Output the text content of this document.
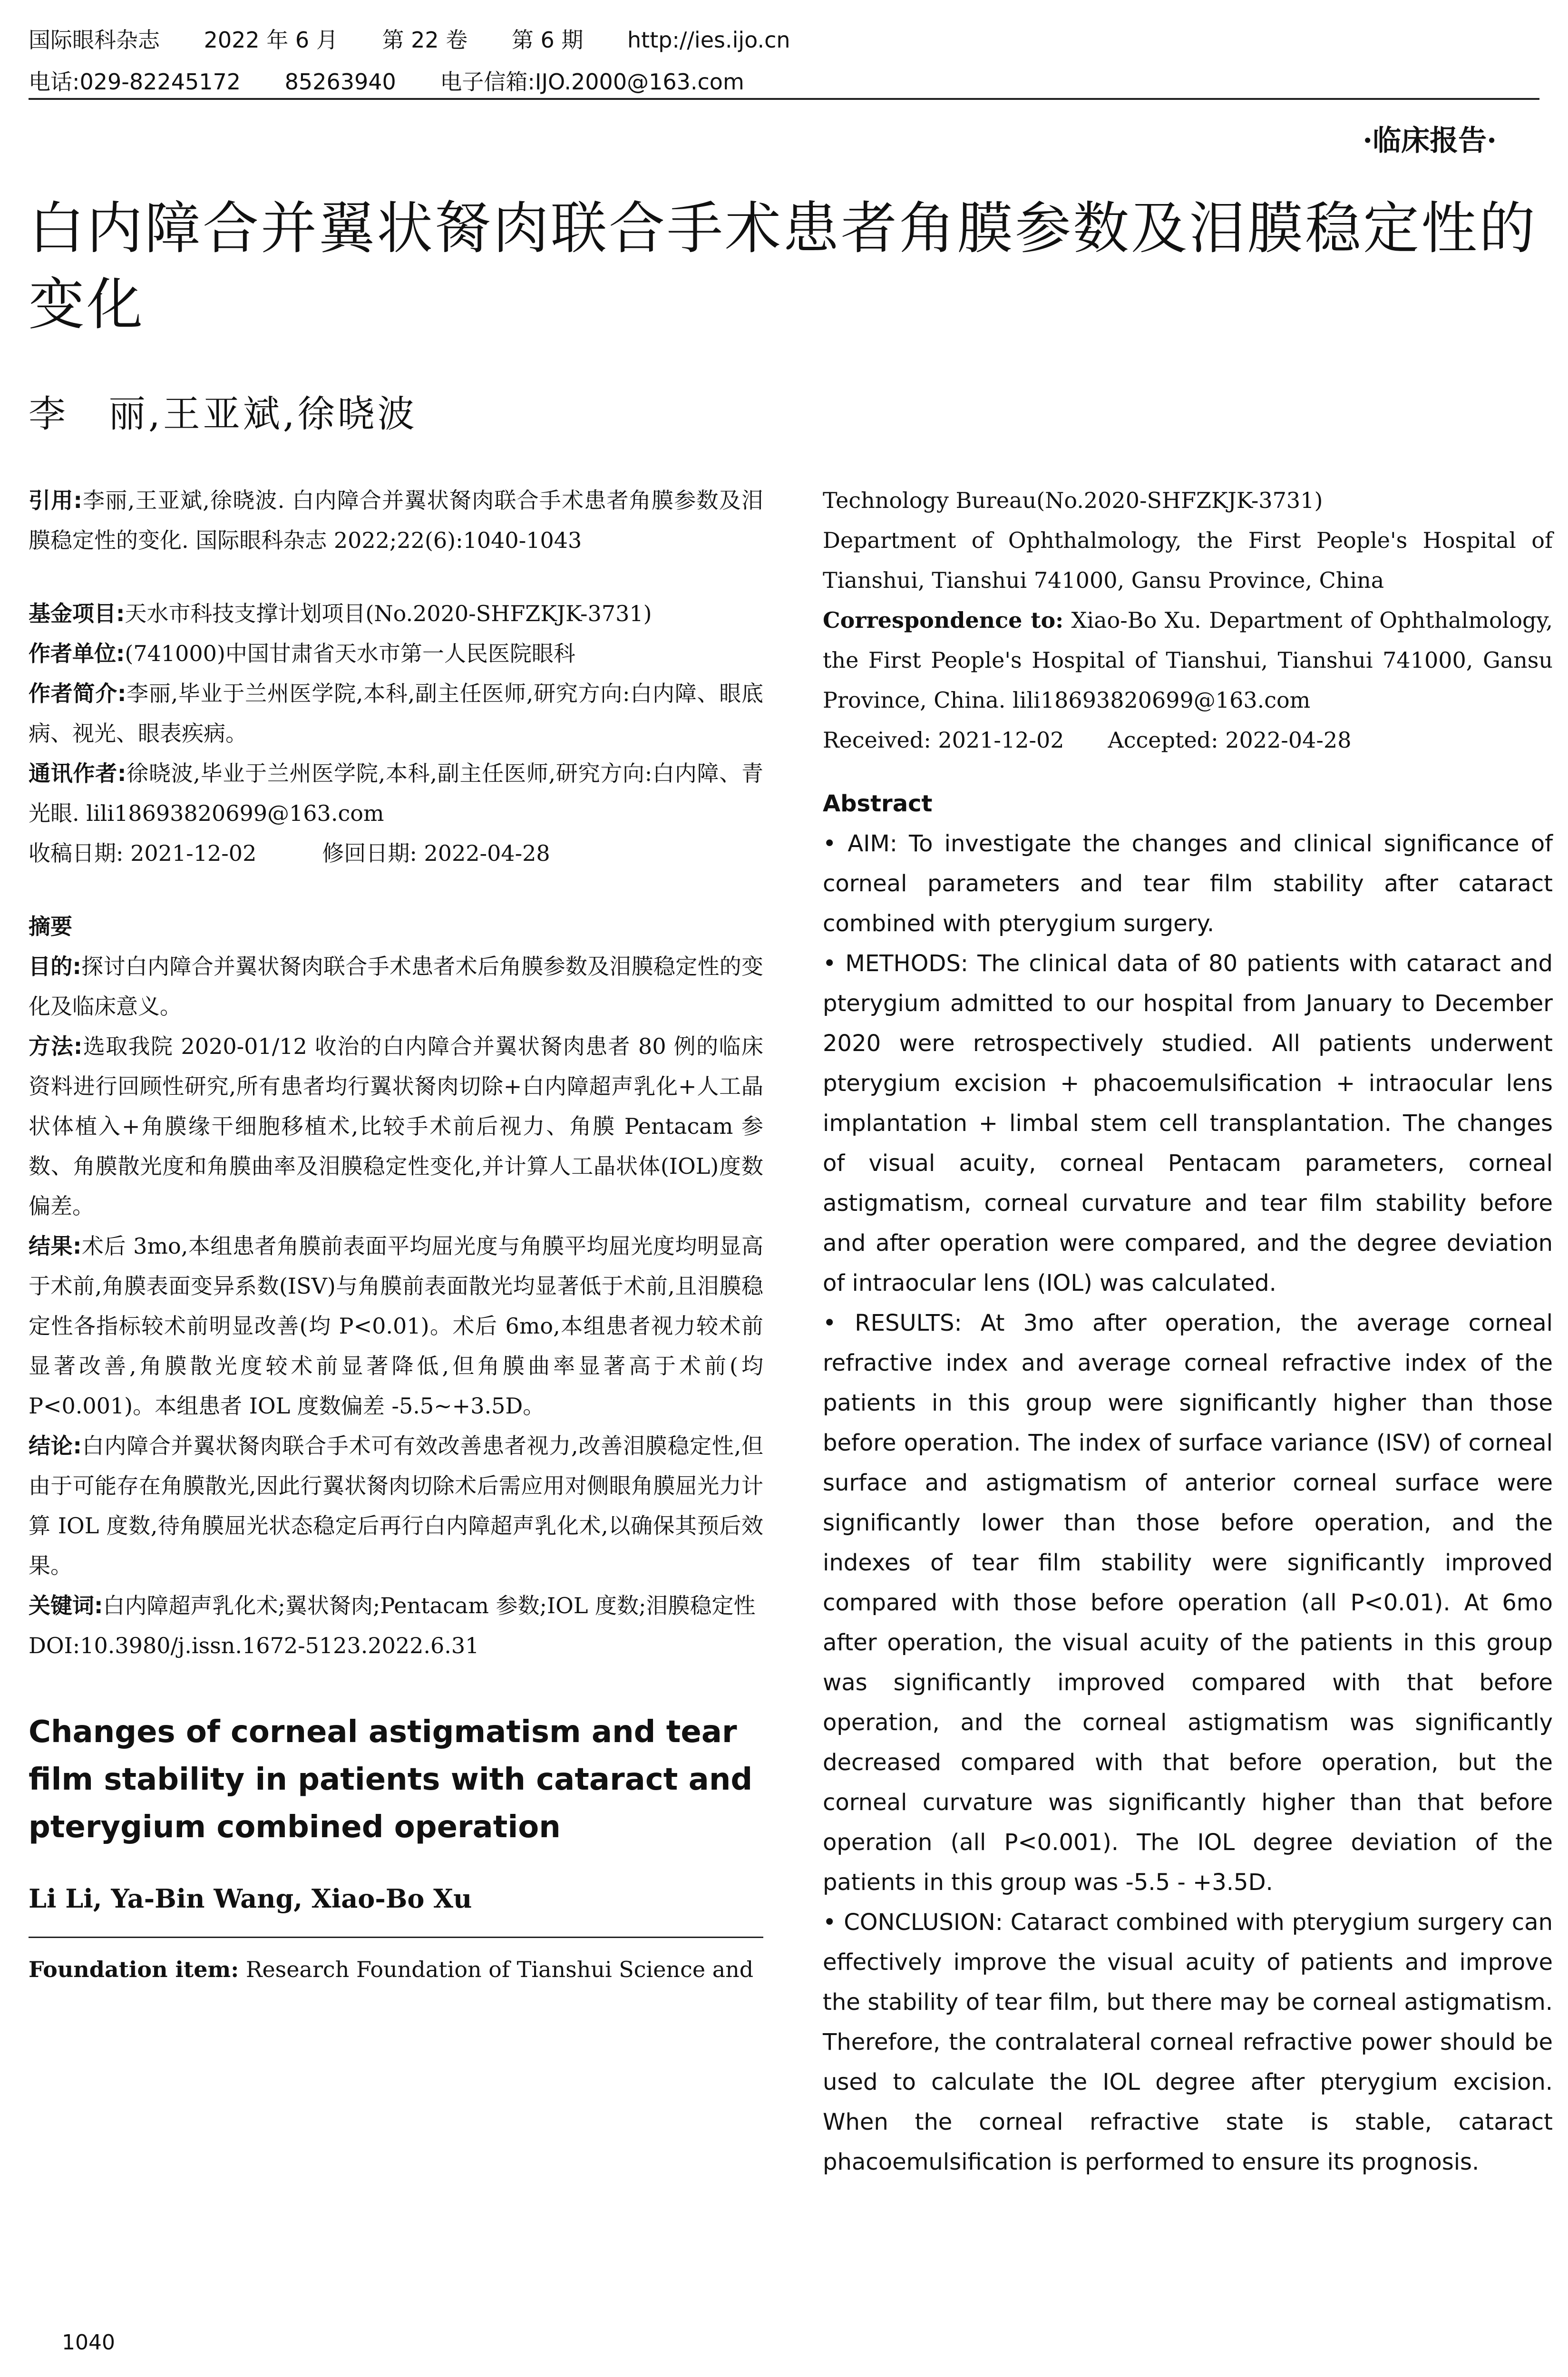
国际眼科杂志 2022 年 6 月 第 22 卷 第 6 期 http://ies.ijo.cn
电话:029-82245172 85263940 电子信箱:IJO.2000@163.com
·临床报告·
白内障合并翼状胬肉联合手术患者角膜参数及泪膜稳定性的变化
李　丽,王亚斌,徐晓波

引用:李丽,王亚斌,徐晓波. 白内障合并翼状胬肉联合手术患者角膜参数及泪膜稳定性的变化. 国际眼科杂志 2022;22(6):1040-1043

基金项目:天水市科技支撑计划项目(No.2020-SHFZKJK-3731)

作者单位:(741000)中国甘肃省天水市第一人民医院眼科

作者简介:李丽,毕业于兰州医学院,本科,副主任医师,研究方向:白内障、眼底病、视光、眼表疾病。

通讯作者:徐晓波,毕业于兰州医学院,本科,副主任医师,研究方向:白内障、青光眼. lili18693820699@163.com

收稿日期: 2021-12-02　　　修回日期: 2022-04-28

摘要

目的:探讨白内障合并翼状胬肉联合手术患者术后角膜参数及泪膜稳定性的变化及临床意义。

方法:选取我院 2020-01/12 收治的白内障合并翼状胬肉患者 80 例的临床资料进行回顾性研究,所有患者均行翼状胬肉切除+白内障超声乳化+人工晶状体植入+角膜缘干细胞移植术,比较手术前后视力、角膜 Pentacam 参数、角膜散光度和角膜曲率及泪膜稳定性变化,并计算人工晶状体(IOL)度数偏差。

结果:术后 3mo,本组患者角膜前表面平均屈光度与角膜平均屈光度均明显高于术前,角膜表面变异系数(ISV)与角膜前表面散光均显著低于术前,且泪膜稳定性各指标较术前明显改善(均 P<0.01)。术后 6mo,本组患者视力较术前显著改善,角膜散光度较术前显著降低,但角膜曲率显著高于术前(均 P<0.001)。本组患者 IOL 度数偏差 -5.5~+3.5D。

结论:白内障合并翼状胬肉联合手术可有效改善患者视力,改善泪膜稳定性,但由于可能存在角膜散光,因此行翼状胬肉切除术后需应用对侧眼角膜屈光力计算 IOL 度数,待角膜屈光状态稳定后再行白内障超声乳化术,以确保其预后效果。

关键词:白内障超声乳化术;翼状胬肉;Pentacam 参数;IOL 度数;泪膜稳定性

DOI:10.3980/j.issn.1672-5123.2022.6.31

Changes of corneal astigmatism and tear film stability in patients with cataract and pterygium combined operation

Li Li, Ya-Bin Wang, Xiao-Bo Xu

Foundation item: Research Foundation of Tianshui Science and

Technology Bureau(No.2020-SHFZKJK-3731)

Department of Ophthalmology, the First People's Hospital of Tianshui, Tianshui 741000, Gansu Province, China

Correspondence to: Xiao-Bo Xu. Department of Ophthalmology, the First People's Hospital of Tianshui, Tianshui 741000, Gansu Province, China. lili18693820699@163.com

Received: 2021-12-02　　Accepted: 2022-04-28

Abstract

• AIM: To investigate the changes and clinical significance of corneal parameters and tear film stability after cataract combined with pterygium surgery.

• METHODS: The clinical data of 80 patients with cataract and pterygium admitted to our hospital from January to December 2020 were retrospectively studied. All patients underwent pterygium excision + phacoemulsification + intraocular lens implantation + limbal stem cell transplantation. The changes of visual acuity, corneal Pentacam parameters, corneal astigmatism, corneal curvature and tear film stability before and after operation were compared, and the degree deviation of intraocular lens (IOL) was calculated.

• RESULTS: At 3mo after operation, the average corneal refractive index and average corneal refractive index of the patients in this group were significantly higher than those before operation. The index of surface variance (ISV) of corneal surface and astigmatism of anterior corneal surface were significantly lower than those before operation, and the indexes of tear film stability were significantly improved compared with those before operation (all P<0.01). At 6mo after operation, the visual acuity of the patients in this group was significantly improved compared with that before operation, and the corneal astigmatism was significantly decreased compared with that before operation, but the corneal curvature was significantly higher than that before operation (all P<0.001). The IOL degree deviation of the patients in this group was -5.5 - +3.5D.

• CONCLUSION: Cataract combined with pterygium surgery can effectively improve the visual acuity of patients and improve the stability of tear film, but there may be corneal astigmatism. Therefore, the contralateral corneal refractive power should be used to calculate the IOL degree after pterygium excision. When the corneal refractive state is stable, cataract phacoemulsification is performed to ensure its prognosis.

1040
